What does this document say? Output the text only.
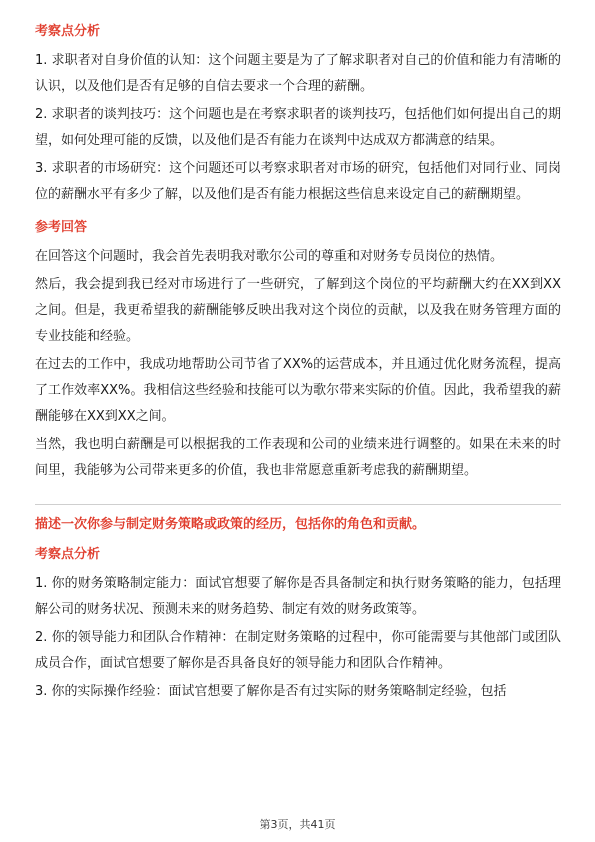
考察点分析

1. 求职者对自身价值的认知：这个问题主要是为了了解求职者对自己的价值和能力有清晰的认识，以及他们是否有足够的自信去要求一个合理的薪酬。

2. 求职者的谈判技巧：这个问题也是在考察求职者的谈判技巧，包括他们如何提出自己的期望，如何处理可能的反馈，以及他们是否有能力在谈判中达成双方都满意的结果。

3. 求职者的市场研究：这个问题还可以考察求职者对市场的研究，包括他们对同行业、同岗位的薪酬水平有多少了解，以及他们是否有能力根据这些信息来设定自己的薪酬期望。

参考回答

在回答这个问题时，我会首先表明我对歌尔公司的尊重和对财务专员岗位的热情。

然后，我会提到我已经对市场进行了一些研究，了解到这个岗位的平均薪酬大约在XX到XX之间。但是，我更希望我的薪酬能够反映出我对这个岗位的贡献，以及我在财务管理方面的专业技能和经验。

在过去的工作中，我成功地帮助公司节省了XX%的运营成本，并且通过优化财务流程，提高了工作效率XX%。我相信这些经验和技能可以为歌尔带来实际的价值。因此，我希望我的薪酬能够在XX到XX之间。

当然，我也明白薪酬是可以根据我的工作表现和公司的业绩来进行调整的。如果在未来的时间里，我能够为公司带来更多的价值，我也非常愿意重新考虑我的薪酬期望。

描述一次你参与制定财务策略或政策的经历，包括你的角色和贡献。
考察点分析

1. 你的财务策略制定能力：面试官想要了解你是否具备制定和执行财务策略的能力，包括理解公司的财务状况、预测未来的财务趋势、制定有效的财务政策等。

2. 你的领导能力和团队合作精神：在制定财务策略的过程中，你可能需要与其他部门或团队成员合作，面试官想要了解你是否具备良好的领导能力和团队合作精神。

3. 你的实际操作经验：面试官想要了解你是否有过实际的财务策略制定经验，包括

第3页，共41页
